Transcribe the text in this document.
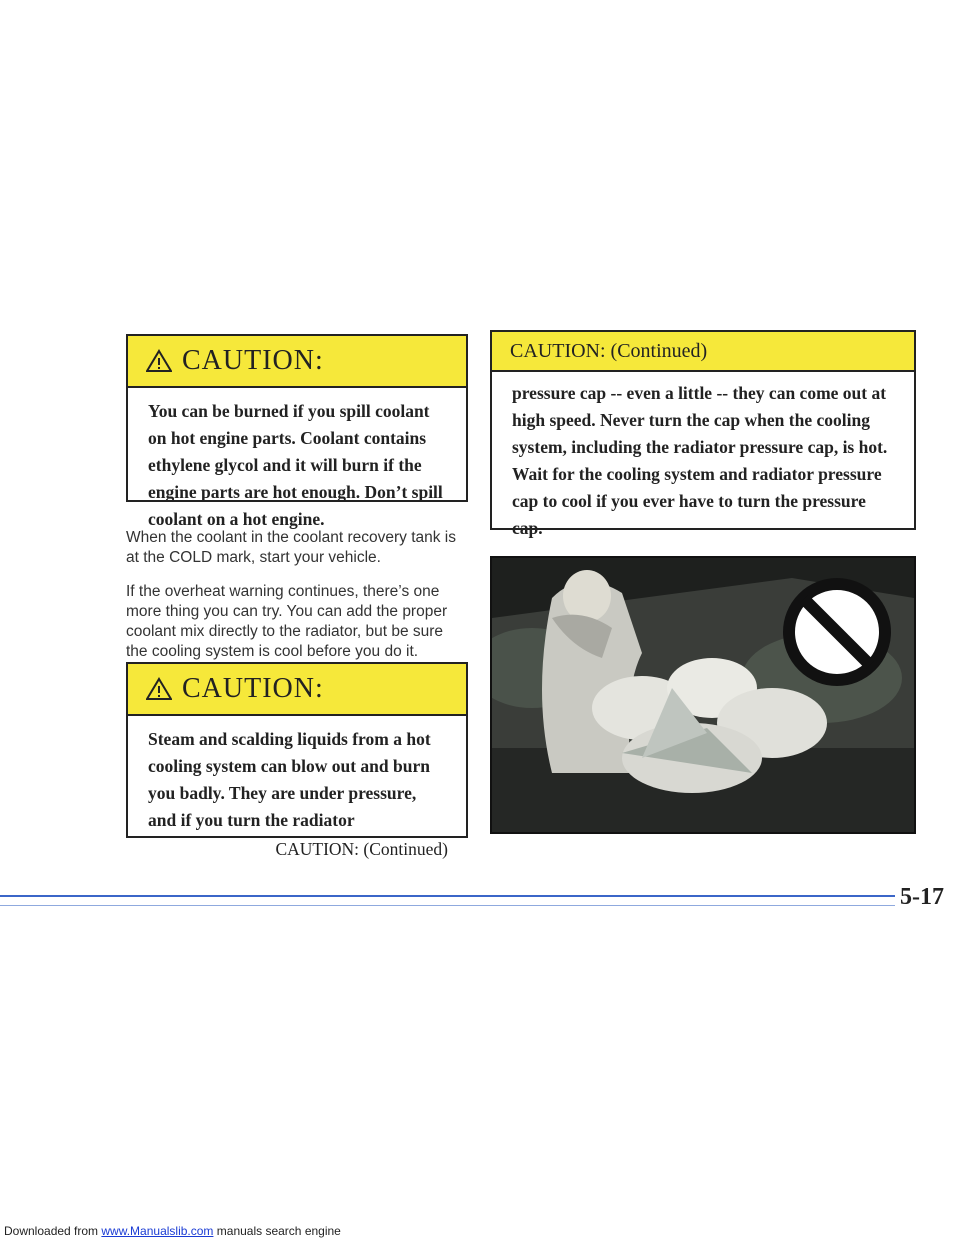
CAUTION:
You can be burned if you spill coolant on hot engine parts. Coolant contains ethylene glycol and it will burn if the engine parts are hot enough. Don’t spill coolant on a hot engine.
When the coolant in the coolant recovery tank is at the COLD mark, start your vehicle.
If the overheat warning continues, there’s one more thing you can try. You can add the proper coolant mix directly to the radiator, but be sure the cooling system is cool before you do it.
CAUTION:
Steam and scalding liquids from a hot cooling system can blow out and burn you badly. They are under pressure, and if you turn the radiator
CAUTION: (Continued)
CAUTION: (Continued)
pressure cap -- even a little -- they can come out at high speed. Never turn the cap when the cooling system, including the radiator pressure cap, is hot. Wait for the cooling system and radiator pressure cap to cool if you ever have to turn the pressure cap.
5-17
Downloaded from www.Manualslib.com manuals search engine
